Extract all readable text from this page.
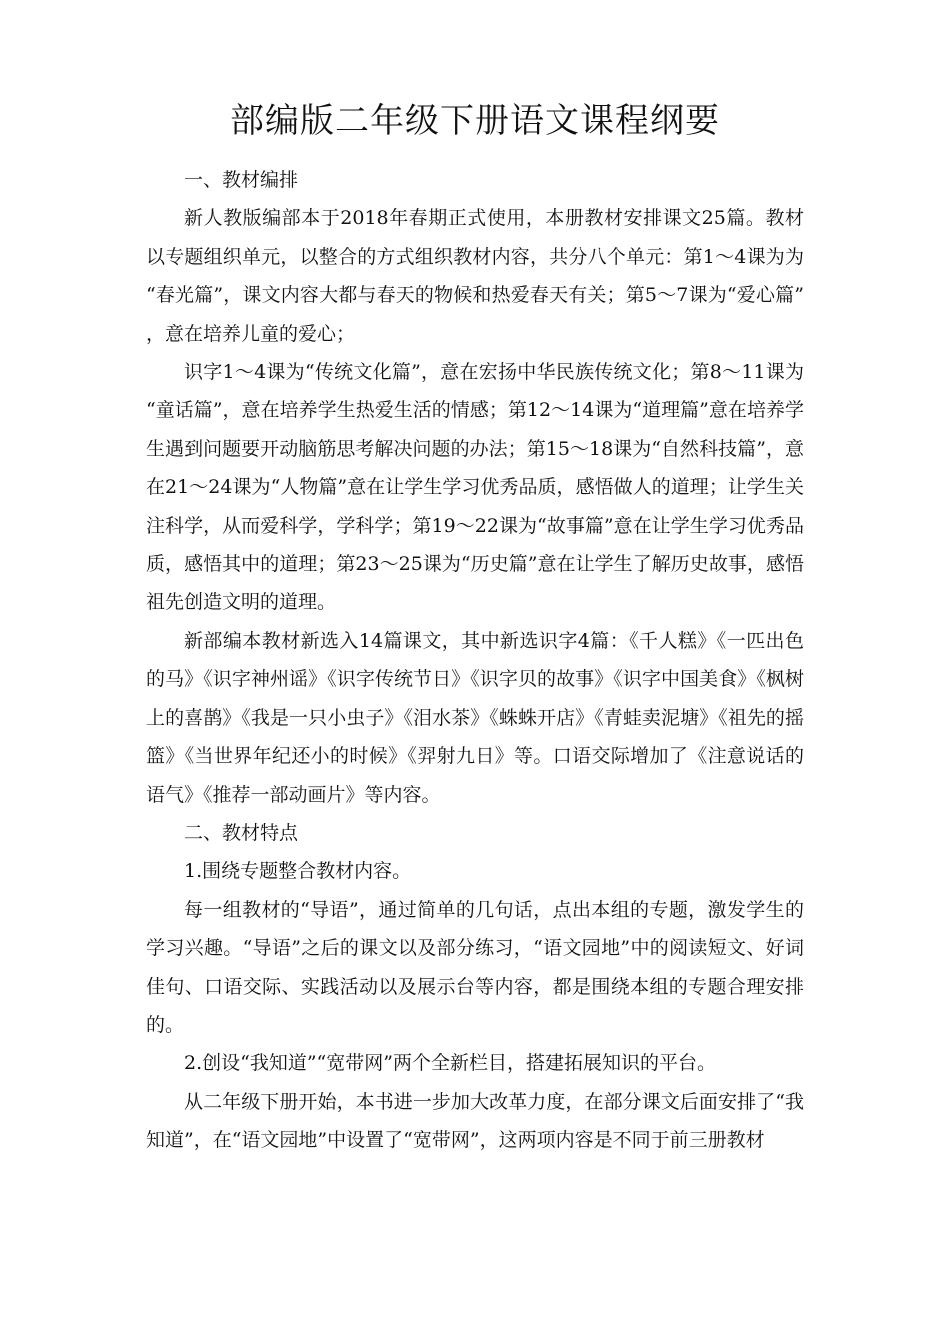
部编版二年级下册语文课程纲要

一、教材编排

新人教版编部本于2018年春期正式使用，本册教材安排课文25篇。教材以专题组织单元，以整合的方式组织教材内容，共分八个单元：第1～4课为为“春光篇”，课文内容大都与春天的物候和热爱春天有关；第5～7课为“爱心篇”，意在培养儿童的爱心；

识字1～4课为“传统文化篇”，意在宏扬中华民族传统文化；第8～11课为“童话篇”，意在培养学生热爱生活的情感；第12～14课为“道理篇”意在培养学生遇到问题要开动脑筋思考解决问题的办法；第15～18课为“自然科技篇”，意在21～24课为“人物篇”意在让学生学习优秀品质，感悟做人的道理；让学生关注科学，从而爱科学，学科学；第19～22课为“故事篇”意在让学生学习优秀品质，感悟其中的道理；第23～25课为“历史篇”意在让学生了解历史故事，感悟祖先创造文明的道理。

新部编本教材新选入14篇课文，其中新选识字4篇：《千人糕》《一匹出色的马》《识字神州谣》《识字传统节日》《识字贝的故事》《识字中国美食》《枫树上的喜鹊》《我是一只小虫子》《泪水茶》《蛛蛛开店》《青蛙卖泥塘》《祖先的摇篮》《当世界年纪还小的时候》《羿射九日》等。口语交际增加了《注意说话的语气》《推荐一部动画片》等内容。

二、教材特点

1.围绕专题整合教材内容。

每一组教材的“导语”，通过简单的几句话，点出本组的专题，激发学生的学习兴趣。“导语”之后的课文以及部分练习，“语文园地”中的阅读短文、好词佳句、口语交际、实践活动以及展示台等内容，都是围绕本组的专题合理安排的。

2.创设“我知道”“宽带网”两个全新栏目，搭建拓展知识的平台。

从二年级下册开始，本书进一步加大改革力度，在部分课文后面安排了“我知道”，在“语文园地”中设置了“宽带网”，这两项内容是不同于前三册教材
